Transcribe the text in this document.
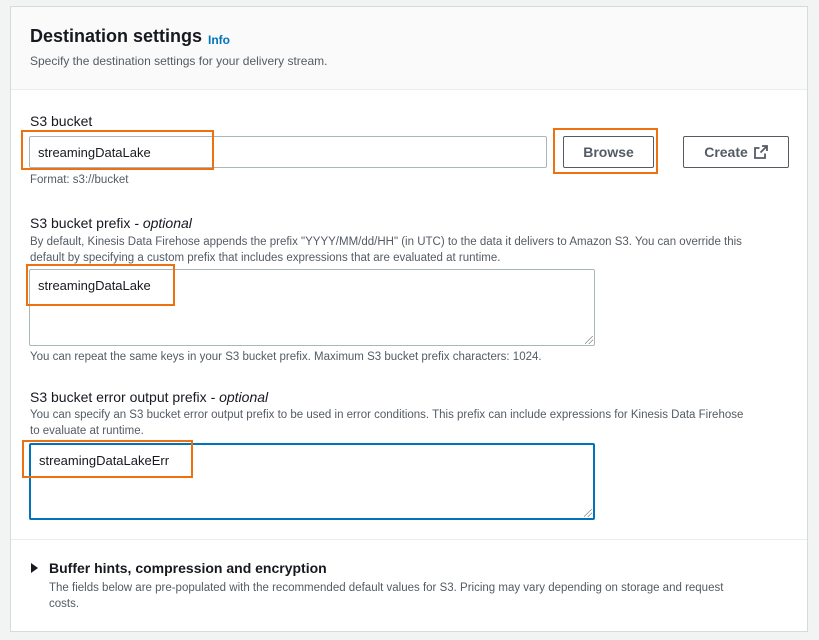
Destination settings Info
Specify the destination settings for your delivery stream.
S3 bucket
streamingDataLake	Browse	Create
Format: s3://bucket
S3 bucket prefix - optional
By default, Kinesis Data Firehose appends the prefix "YYYY/MM/dd/HH" (in UTC) to the data it delivers to Amazon S3. You can override this
default by specifying a custom prefix that includes expressions that are evaluated at runtime.
streamingDataLake
You can repeat the same keys in your S3 bucket prefix. Maximum S3 bucket prefix characters: 1024.
S3 bucket error output prefix - optional
You can specify an S3 bucket error output prefix to be used in error conditions. This prefix can include expressions for Kinesis Data Firehose
to evaluate at runtime.
streamingDataLakeErr
Buffer hints, compression and encryption
The fields below are pre-populated with the recommended default values for S3. Pricing may vary depending on storage and request
costs.
